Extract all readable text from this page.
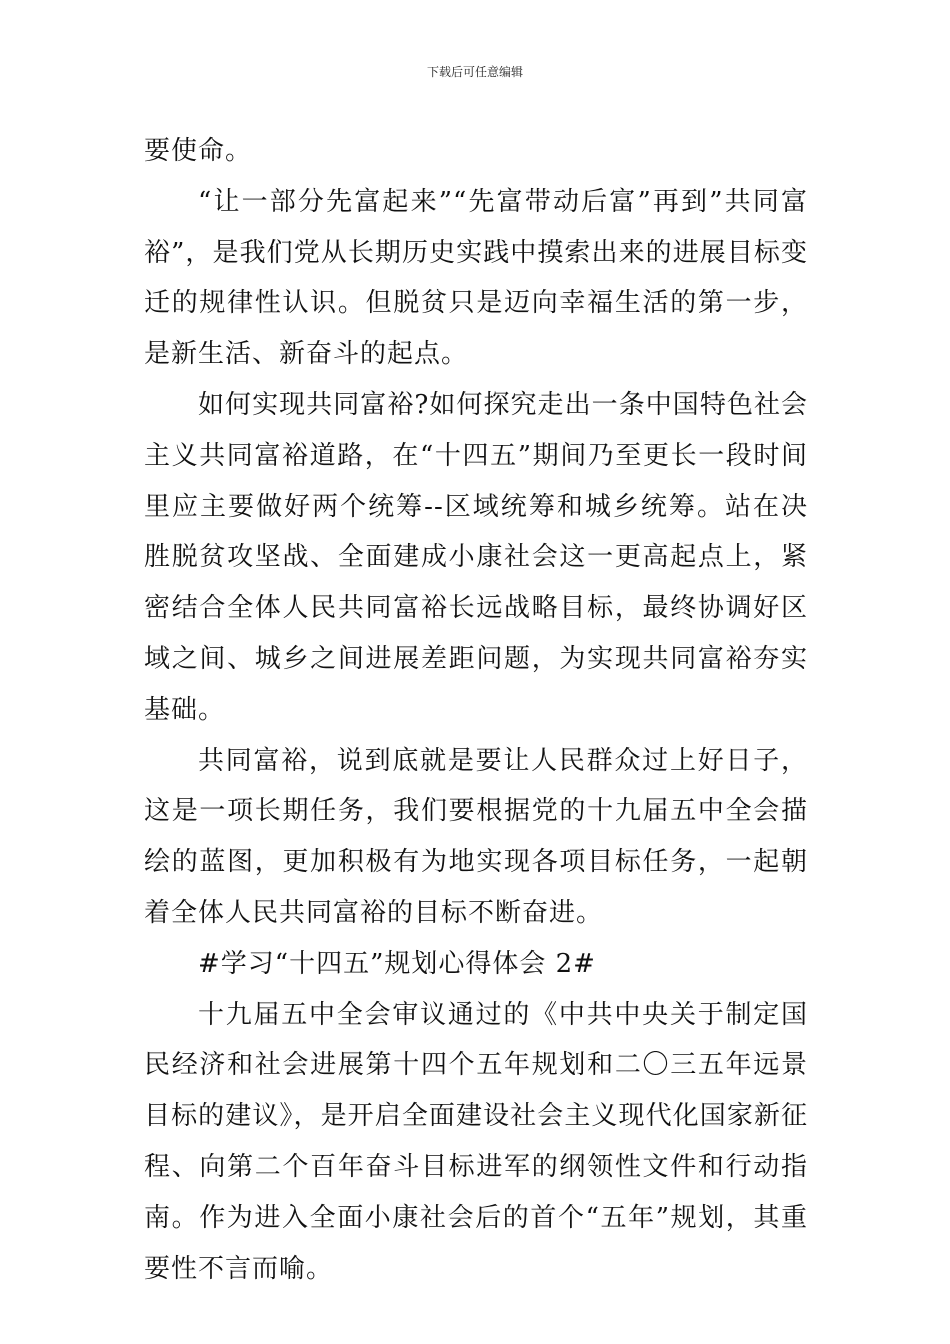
下载后可任意编辑

要使命。

“让一部分先富起来”“先富带动后富”再到”共同富裕”，是我们党从长期历史实践中摸索出来的进展目标变迁的规律性认识。但脱贫只是迈向幸福生活的第一步，是新生活、新奋斗的起点。

如何实现共同富裕?如何探究走出一条中国特色社会主义共同富裕道路，在“十四五”期间乃至更长一段时间里应主要做好两个统筹--区域统筹和城乡统筹。站在决胜脱贫攻坚战、全面建成小康社会这一更高起点上，紧密结合全体人民共同富裕长远战略目标，最终协调好区域之间、城乡之间进展差距问题，为实现共同富裕夯实基础。

共同富裕，说到底就是要让人民群众过上好日子，这是一项长期任务，我们要根据党的十九届五中全会描绘的蓝图，更加积极有为地实现各项目标任务，一起朝着全体人民共同富裕的目标不断奋进。

#学习“十四五”规划心得体会 2#

十九届五中全会审议通过的《中共中央关于制定国民经济和社会进展第十四个五年规划和二〇三五年远景目标的建议》，是开启全面建设社会主义现代化国家新征程、向第二个百年奋斗目标进军的纲领性文件和行动指南。作为进入全面小康社会后的首个“五年”规划，其重要性不言而喻。
